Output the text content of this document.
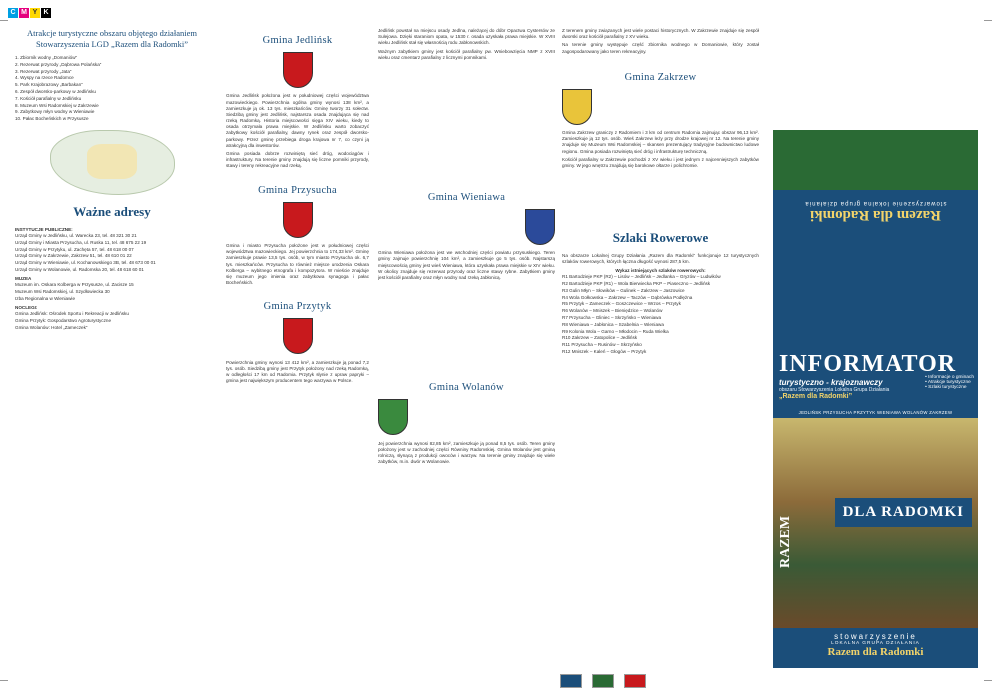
C M Y K
Atrakcje turystyczne obszaru objętego działaniem Stowarzyszenia LGD „Razem dla Radomki”
1. Zbiornik wodny „Domaniów”
2. Rezerwat przyrody „Dąbrowa Polańska”
3. Rezerwat przyrody „Jata”
4. Wyspy na rzece Radomce
5. Park Krajobrazowy „Barbakan”
6. Zespół dworsko-parkowy w Jedlińsku
7. Kościół parafialny w Jedlińsku
8. Muzeum Wsi Radomskiej w Zakrzewie
9. Zabytkowy młyn wodny w Wieniawie
10. Pałac Bocheńskich w Przysusze
Ważne adresy
INSTYTUCJE PUBLICZNE:
Urząd Gminy w Jedlińsku, ul. Warecka 23, tel. 48 321 30 21
Urząd Gminy i Miasta Przysucha, ul. Ruska 11, tel. 48 675 22 19
Urząd Gminy w Przytyku, ul. Zachęta 57, tel. 48 618 00 07
Urząd Gminy w Zakrzewie, Zakrzew 51, tel. 48 610 01 22
Urząd Gminy w Wieniawie, ul. Kochanowskiego 3B, tel. 48 673 00 01
Urząd Gminy w Wolanowie, ul. Radomska 20, tel. 48 618 60 01
MUZEA
Muzeum im. Oskara Kolberga w Przysusze, ul. Zacisze 15
Muzeum Wsi Radomskiej, ul. Szydłowiecka 30
Izba Regionalna w Wieniawie
NOCLEGI:
Gmina Jedlińsk: Ośrodek Sportu i Rekreacji w Jedlińsku
Gmina Przytyk: Gospodarstwo Agroturystyczne
Gmina Wolanów: Hotel „Zameczek”
Gmina Jedlińsk

Gmina Jedlińsk położona jest w południowej części województwa mazowieckiego. Powierzchnia ogólna gminy wynosi 138 km², a zamieszkuje ją ok. 13 tys. mieszkańców. Gminę tworzy 31 sołectw. Siedzibą gminy jest Jedlińsk, najstarsza osada znajdująca się nad rzeką Radomką. Historia miejscowości sięga XIV wieku, kiedy to osada otrzymała prawa miejskie. W Jedlińsku warto zobaczyć zabytkowy kościół parafialny, dawny rynek oraz zespół dworsko-parkowy. Przez gminę przebiega droga krajowa nr 7, co czyni ją atrakcyjną dla inwestorów.

Gmina posiada dobrze rozwiniętą sieć dróg, wodociągów i infrastruktury. Na terenie gminy znajdują się liczne pomniki przyrody, stawy i tereny rekreacyjne nad rzeką.

Gmina Przysucha

Gmina i miasto Przysucha położone jest w południowej części województwa mazowieckiego. Jej powierzchnia to 174,33 km². Gminę zamieszkuje prawie 13,5 tys. osób, w tym miasto Przysucha ok. 6,7 tys. mieszkańców. Przysucha to również miejsce urodzenia Oskara Kolberga – wybitnego etnografa i kompozytora. W mieście znajduje się muzeum jego imienia oraz zabytkowa synagoga i pałac Bocheńskich.

Gmina Przytyk

Powierzchnia gminy wynosi 13 412 km², a zamieszkuje ją ponad 7,2 tys. osób. Siedzibą gminy jest Przytyk położony nad rzeką Radomką, w odległości 17 km od Radomia. Przytyk słynie z upraw papryki – gmina jest największym producentem tego warzywa w Polsce.

Jedlińsk powstał na miejscu osady Jedlna, należącej do dóbr Opactwa Cystersów ze Sulejowa. Dzięki staraniom opata, w 1530 r. osada uzyskała prawa miejskie. W XVIII wieku Jedlińsk stał się własnością rodu Jabłonowskich.

Ważnym zabytkiem gminy jest kościół parafialny pw. Wniebowzięcia NMP z XVIII wieku oraz cmentarz parafialny z licznymi pomnikami.

Gmina Wieniawa

Gmina Wieniawa położona jest we wschodniej części powiatu przysuskiego. Teren gminy zajmuje powierzchnię 104 km², a zamieszkuje go 5 tys. osób. Najstarszą miejscowością gminy jest wieś Wieniawa, która uzyskała prawa miejskie w XIV wieku. W okolicy znajduje się rezerwat przyrody oraz liczne stawy rybne. Zabytkiem gminy jest kościół parafialny oraz młyn wodny nad rzeką Jabłonicą.

Gmina Wolanów

Jej powierzchnia wynosi 82,85 km², zamieszkuje ją ponad 8,5 tys. osób. Teren gminy położony jest w zachodniej części Równiny Radomskiej. Gmina Wolanów jest gminą rolniczą, słynącą z produkcji owoców i warzyw. Na terenie gminy znajduje się wiele zabytków, m.in. dwór w Wolanowie.

Z terenem gminy związanych jest wiele postaci historycznych. W Zakrzewie znajduje się zespół dworski oraz kościół parafialny z XV wieku.

Na terenie gminy występuje część zbiornika wodnego w Domaniowie, który został zagospodarowany jako teren rekreacyjny.

Gmina Zakrzew

Gmina Zakrzew graniczy z Radomiem i 3 km od centrum Radomia zajmując obszar 96,13 km². Zamieszkuje ją 12 tys. osób. Wieś Zakrzew leży przy drodze krajowej nr 12. Na terenie gminy znajduje się Muzeum Wsi Radomskiej – skansen prezentujący tradycyjne budownictwo ludowe regionu. Gmina posiada rozwiniętą sieć dróg i infrastrukturę techniczną.

Kościół parafialny w Zakrzewie pochodzi z XV wieku i jest jednym z najcenniejszych zabytków gminy. W jego wnętrzu znajdują się barokowe ołtarze i polichromie.

Szlaki Rowerowe

Na obszarze Lokalnej Grupy Działania „Razem dla Radomki” funkcjonuje 12 turystycznych szlaków rowerowych, których łączna długość wynosi 287,5 km.

Wykaz istniejących szlaków rowerowych:
R1 Bartodzieje PKP (R2) – Lisów – Jedlińsk – Jedlanka – Gryzów – Ludwików
R2 Bartodzieje PKP (R1) – Wola Bierwiecka PKP – Piaseczno – Jedlińsk
R3 Gulin Młyn – Słowików – Gulinek – Zakrzew – Jaszowice
R4 Wola Gołkowska – Zakrzew – Taczów – Dąbrówka Podłężna
R5 Przytyk – Zameczek – Goszczewice – Wrzos – Przytyk
R6 Wolanów – Mniszek – Bieniędzice – Wolanów
R7 Przysucha – Gliniec – Skrzyńsko – Wieniawa
R8 Wieniawa – Jabłonica – Szabelnia – Wieniawa
R9 Kolonia Wola – Garno – Młodocin – Ruda Wielka
R10 Zakrzew – Zatopolice – Jedlińsk
R11 Przysucha – Rusinów – Skrzyńsko
R12 Mniszek – Kaleń – Głogów – Przytyk
Razem dla Radomki
stowarzyszenie lokalna grupa działania
INFORMATOR
turystyczno - krajoznawczy
obszaru Stowarzyszenia Lokalna Grupa Działania
„Razem dla Radomki”
• Informacje o gminach
• Atrakcje turystyczne
• Szlaki turystyczne
JEDLIŃSK PRZYSUCHA PRZYTYK WIENIAWA WOLANÓW ZAKRZEW
DLA RADOMKI
RAZEM
stowarzyszenie
LOKALNA GRUPA DZIAŁANIA
Razem dla Radomki
